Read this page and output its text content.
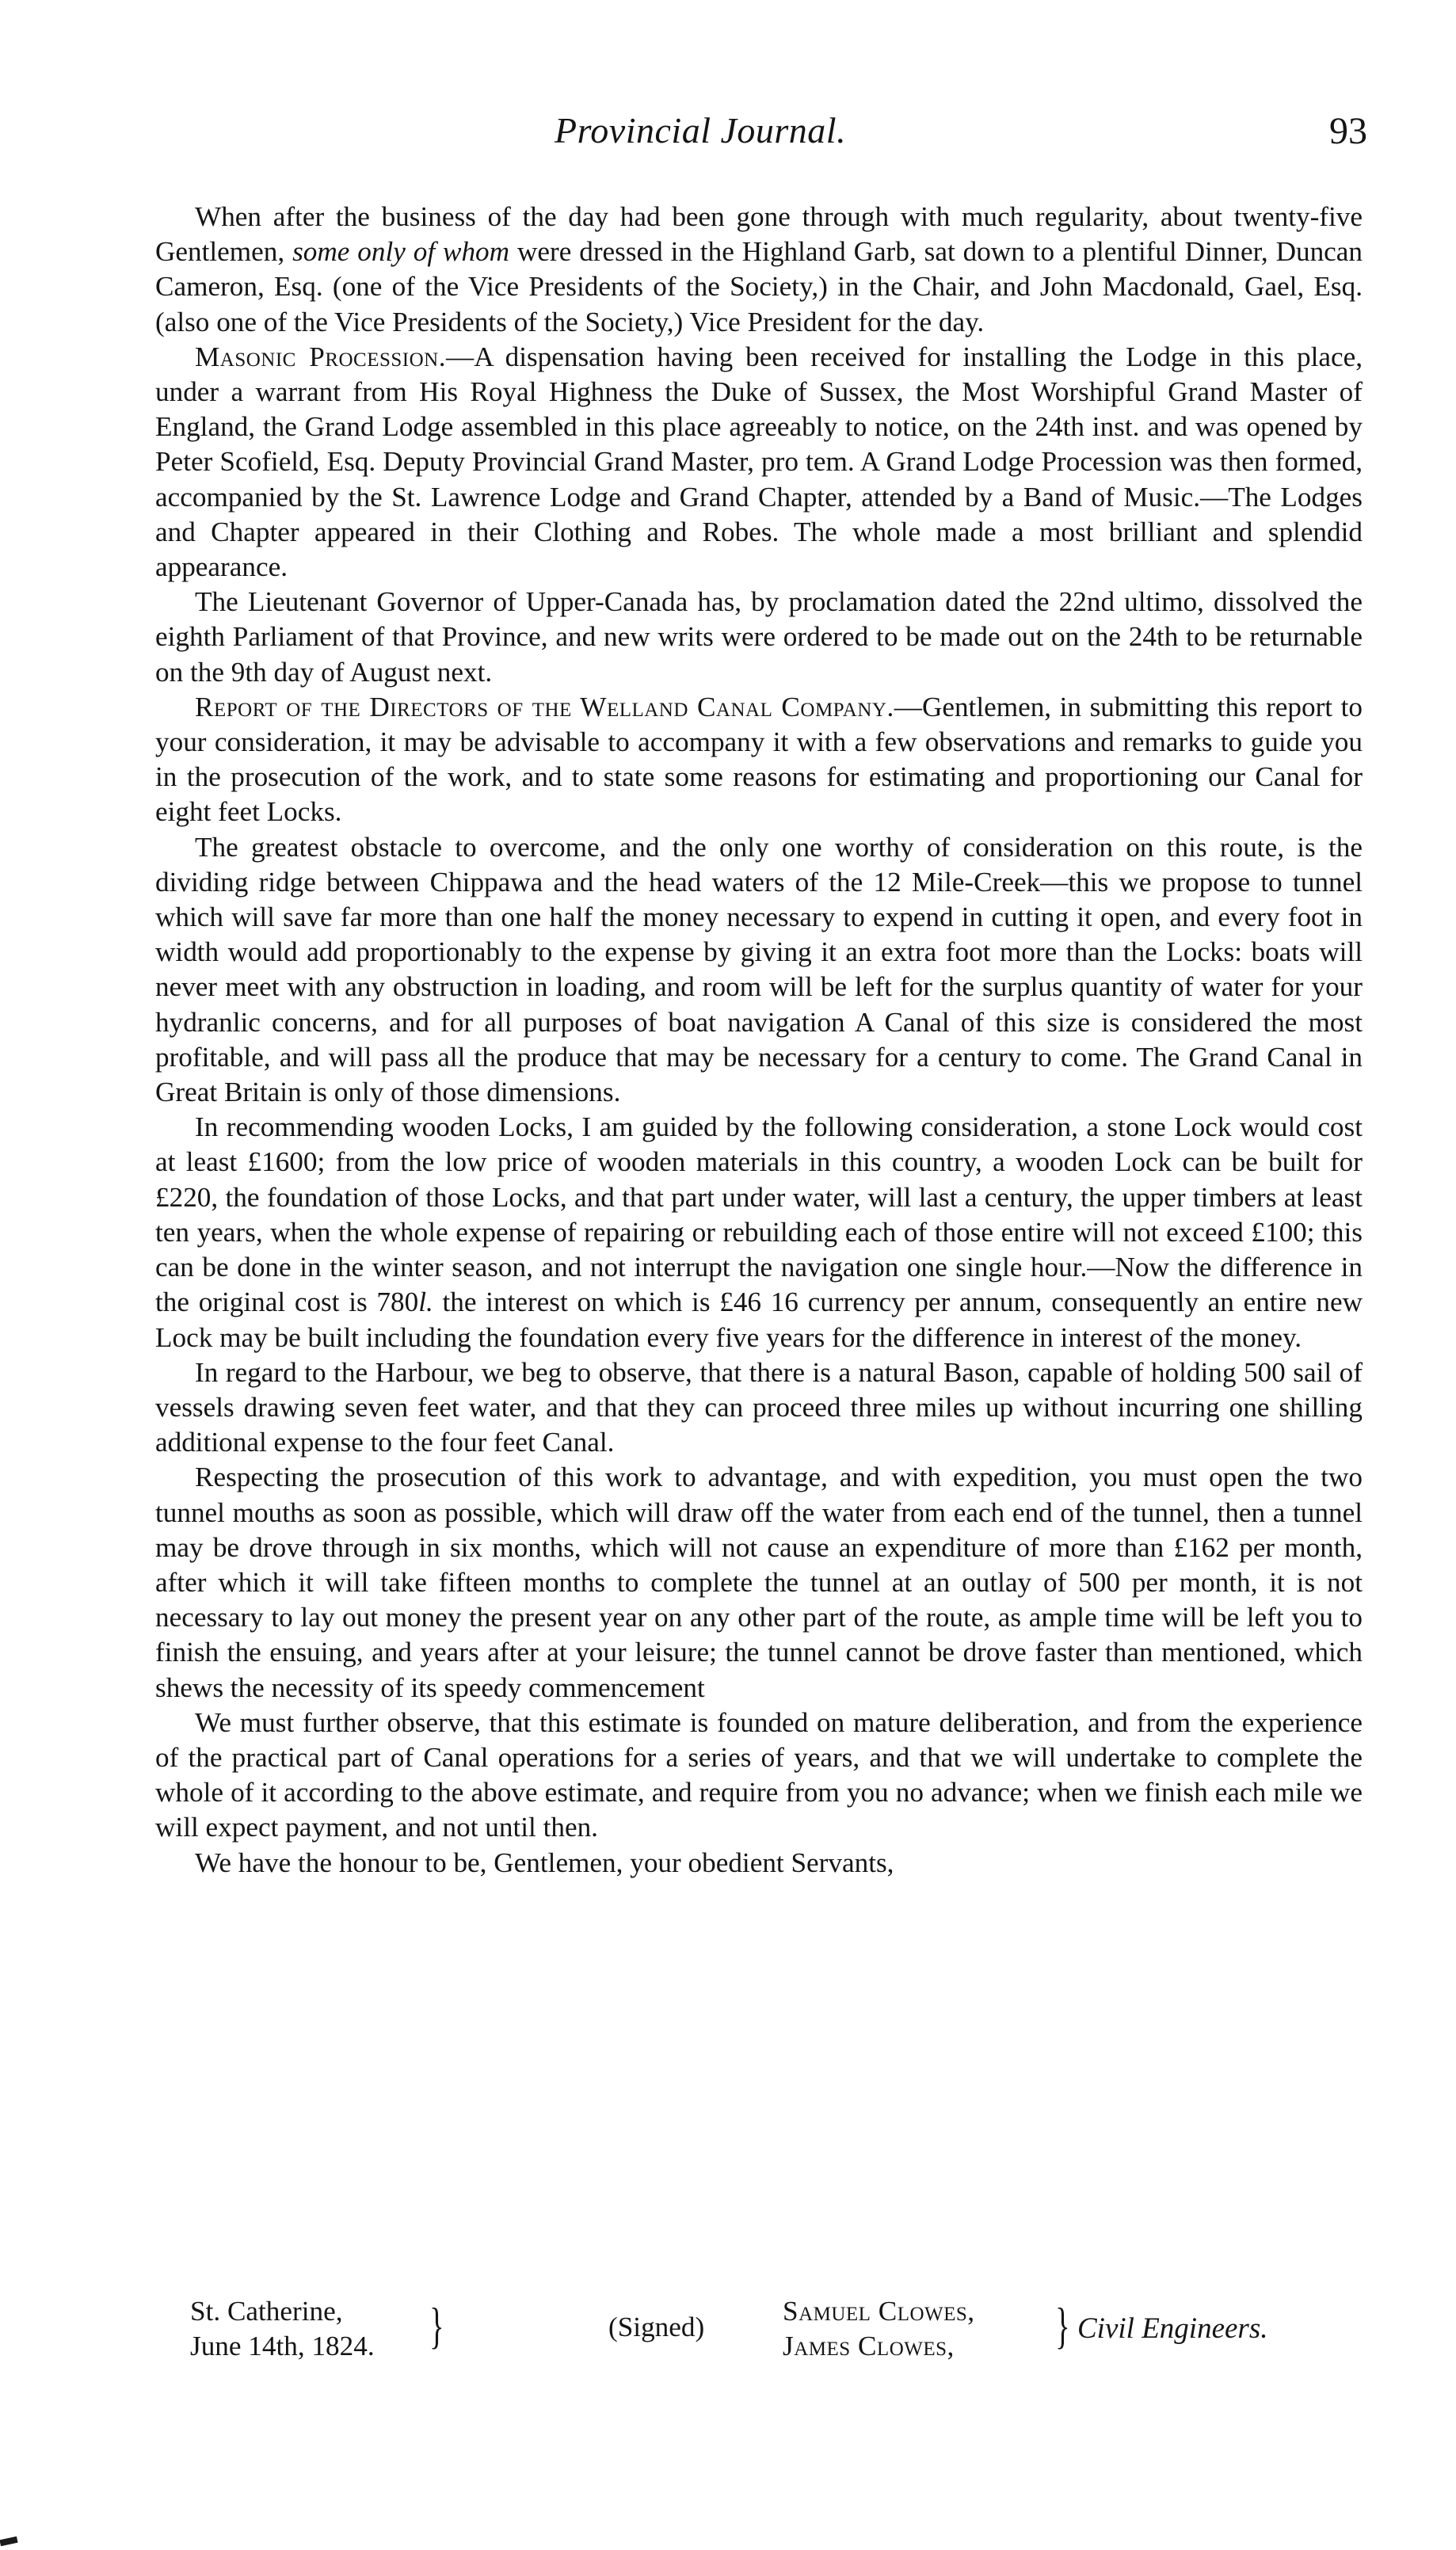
Provincial Journal.	93

When after the business of the day had been gone through with much regularity, about twenty-five Gentlemen, some only of whom were dressed in the Highland Garb, sat down to a plentiful Dinner, Duncan Cameron, Esq. (one of the Vice Presidents of the Society,) in the Chair, and John Macdonald, Gael, Esq. (also one of the Vice Presidents of the Society,) Vice President for the day.

Masonic Procession.—A dispensation having been received for installing the Lodge in this place, under a warrant from His Royal Highness the Duke of Sussex, the Most Worshipful Grand Master of England, the Grand Lodge assembled in this place agreeably to notice, on the 24th inst. and was opened by Peter Scofield, Esq. Deputy Provincial Grand Master, pro tem. A Grand Lodge Procession was then formed, accompanied by the St. Lawrence Lodge and Grand Chapter, attended by a Band of Music.—The Lodges and Chapter appeared in their Clothing and Robes. The whole made a most brilliant and splendid appearance.

The Lieutenant Governor of Upper-Canada has, by proclamation dated the 22nd ultimo, dissolved the eighth Parliament of that Province, and new writs were ordered to be made out on the 24th to be returnable on the 9th day of August next.

Report of the Directors of the Welland Canal Company.—Gentlemen, in submitting this report to your consideration, it may be advisable to accompany it with a few observations and remarks to guide you in the prosecution of the work, and to state some reasons for estimating and proportioning our Canal for eight feet Locks.

The greatest obstacle to overcome, and the only one worthy of consideration on this route, is the dividing ridge between Chippawa and the head waters of the 12 Mile-Creek—this we propose to tunnel which will save far more than one half the money necessary to expend in cutting it open, and every foot in width would add proportionably to the expense by giving it an extra foot more than the Locks: boats will never meet with any obstruction in loading, and room will be left for the surplus quantity of water for your hydranlic concerns, and for all purposes of boat navigation A Canal of this size is considered the most profitable, and will pass all the produce that may be necessary for a century to come. The Grand Canal in Great Britain is only of those dimensions.

In recommending wooden Locks, I am guided by the following consideration, a stone Lock would cost at least £1600; from the low price of wooden materials in this country, a wooden Lock can be built for £220, the foundation of those Locks, and that part under water, will last a century, the upper timbers at least ten years, when the whole expense of repairing or rebuilding each of those entire will not exceed £100; this can be done in the winter season, and not interrupt the navigation one single hour.—Now the difference in the original cost is 780l. the interest on which is £46 16 currency per annum, consequently an entire new Lock may be built including the foundation every five years for the difference in interest of the money.

In regard to the Harbour, we beg to observe, that there is a natural Bason, capable of holding 500 sail of vessels drawing seven feet water, and that they can proceed three miles up without incurring one shilling additional expense to the four feet Canal.

Respecting the prosecution of this work to advantage, and with expedition, you must open the two tunnel mouths as soon as possible, which will draw off the water from each end of the tunnel, then a tunnel may be drove through in six months, which will not cause an expenditure of more than £162 per month, after which it will take fifteen months to complete the tunnel at an outlay of 500 per month, it is not necessary to lay out money the present year on any other part of the route, as ample time will be left you to finish the ensuing, and years after at your leisure; the tunnel cannot be drove faster than mentioned, which shews the necessity of its speedy commencement

We must further observe, that this estimate is founded on mature deliberation, and from the experience of the practical part of Canal operations for a series of years, and that we will undertake to complete the whole of it according to the above estimate, and require from you no advance; when we finish each mile we will expect payment, and not until then.

We have the honour to be, Gentlemen, your obedient Servants,

St. Catherine,
June 14th, 1824. }	(Signed)
Samuel Clowes,
James Clowes,	} Civil Engineers.
